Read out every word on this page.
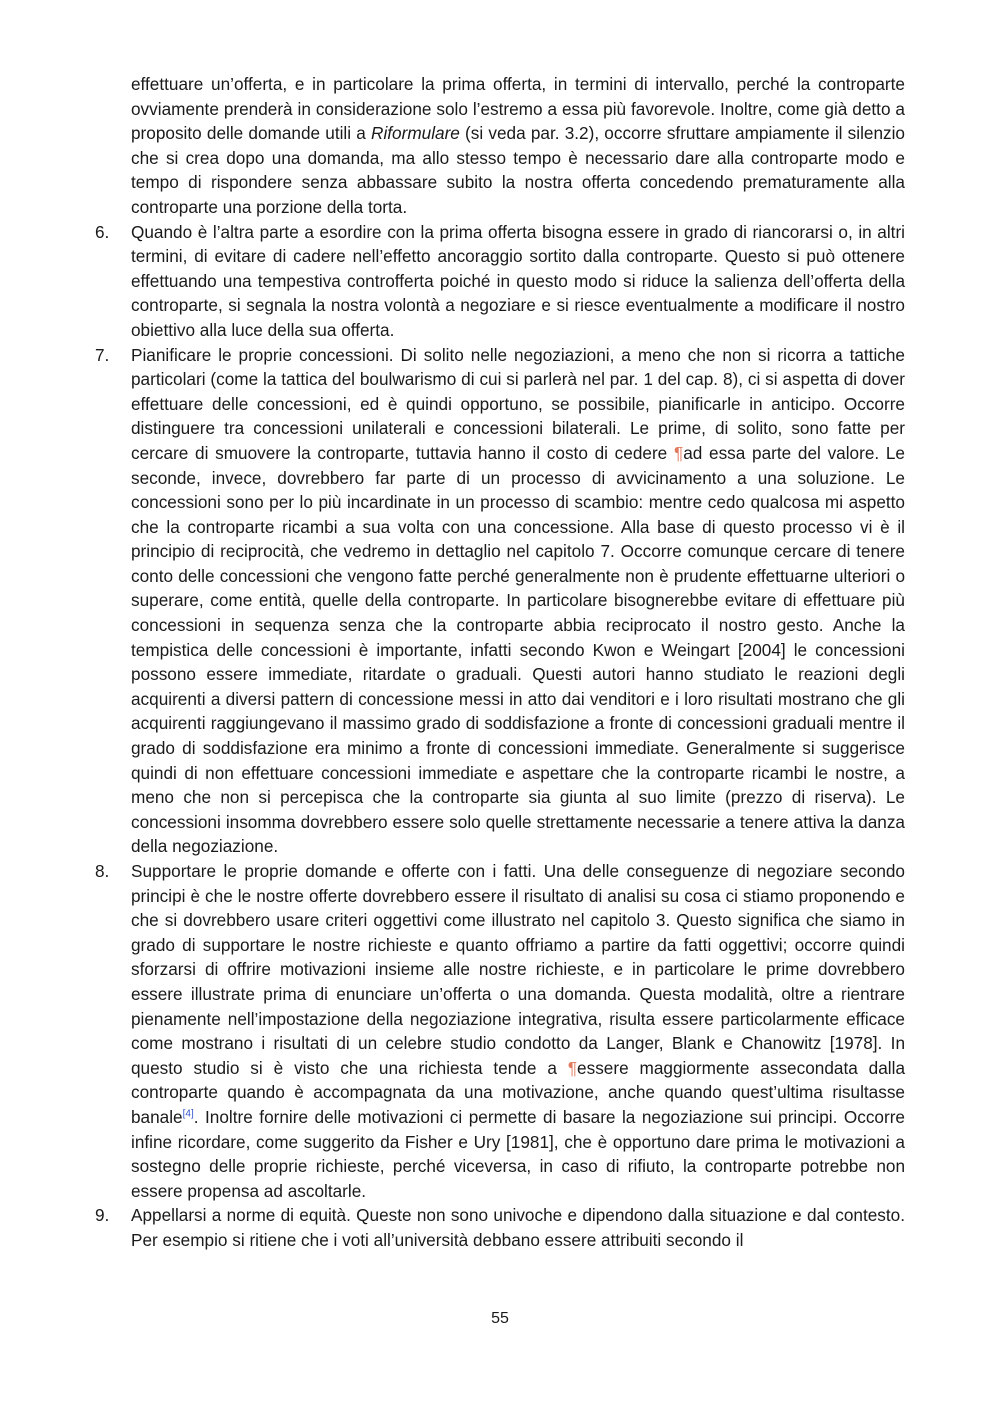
effettuare un’offerta, e in particolare la prima offerta, in termini di intervallo, perché la controparte ovviamente prenderà in considerazione solo l’estremo a essa più favorevole. Inoltre, come già detto a proposito delle domande utili a Riformulare (si veda par. 3.2), occorre sfruttare ampiamente il silenzio che si crea dopo una domanda, ma allo stesso tempo è necessario dare alla controparte modo e tempo di rispondere senza abbassare subito la nostra offerta concedendo prematuramente alla controparte una porzione della torta.
6.	Quando è l’altra parte a esordire con la prima offerta bisogna essere in grado di riancorarsi o, in altri termini, di evitare di cadere nell’effetto ancoraggio sortito dalla controparte. Questo si può ottenere effettuando una tempestiva controfferta poiché in questo modo si riduce la salienza dell’offerta della controparte, si segnala la nostra volontà a negoziare e si riesce eventualmente a modificare il nostro obiettivo alla luce della sua offerta.
7.	Pianificare le proprie concessioni. Di solito nelle negoziazioni, a meno che non si ricorra a tattiche particolari (come la tattica del boulwarismo di cui si parlerà nel par. 1 del cap. 8), ci si aspetta di dover effettuare delle concessioni, ed è quindi opportuno, se possibile, pianificarle in anticipo. Occorre distinguere tra concessioni unilaterali e concessioni bilaterali. Le prime, di solito, sono fatte per cercare di smuovere la controparte, tuttavia hanno il costo di cedere ¶ad essa parte del valore. Le seconde, invece, dovrebbero far parte di un processo di avvicinamento a una soluzione. Le concessioni sono per lo più incardinate in un processo di scambio: mentre cedo qualcosa mi aspetto che la controparte ricambi a sua volta con una concessione. Alla base di questo processo vi è il principio di reciprocità, che vedremo in dettaglio nel capitolo 7. Occorre comunque cercare di tenere conto delle concessioni che vengono fatte perché generalmente non è prudente effettuarne ulteriori o superare, come entità, quelle della controparte. In particolare bisognerebbe evitare di effettuare più concessioni in sequenza senza che la controparte abbia reciprocato il nostro gesto. Anche la tempistica delle concessioni è importante, infatti secondo Kwon e Weingart [2004] le concessioni possono essere immediate, ritardate o graduali. Questi autori hanno studiato le reazioni degli acquirenti a diversi pattern di concessione messi in atto dai venditori e i loro risultati mostrano che gli acquirenti raggiungevano il massimo grado di soddisfazione a fronte di concessioni graduali mentre il grado di soddisfazione era minimo a fronte di concessioni immediate. Generalmente si suggerisce quindi di non effettuare concessioni immediate e aspettare che la controparte ricambi le nostre, a meno che non si percepisca che la controparte sia giunta al suo limite (prezzo di riserva). Le concessioni insomma dovrebbero essere solo quelle strettamente necessarie a tenere attiva la danza della negoziazione.
8.	Supportare le proprie domande e offerte con i fatti. Una delle conseguenze di negoziare secondo principi è che le nostre offerte dovrebbero essere il risultato di analisi su cosa ci stiamo proponendo e che si dovrebbero usare criteri oggettivi come illustrato nel capitolo 3. Questo significa che siamo in grado di supportare le nostre richieste e quanto offriamo a partire da fatti oggettivi; occorre quindi sforzarsi di offrire motivazioni insieme alle nostre richieste, e in particolare le prime dovrebbero essere illustrate prima di enunciare un’offerta o una domanda. Questa modalità, oltre a rientrare pienamente nell’impostazione della negoziazione integrativa, risulta essere particolarmente efficace come mostrano i risultati di un celebre studio condotto da Langer, Blank e Chanowitz [1978]. In questo studio si è visto che una richiesta tende a ¶essere maggiormente assecondata dalla controparte quando è accompagnata da una motivazione, anche quando quest’ultima risultasse banale[4]. Inoltre fornire delle motivazioni ci permette di basare la negoziazione sui principi. Occorre infine ricordare, come suggerito da Fisher e Ury [1981], che è opportuno dare prima le motivazioni a sostegno delle proprie richieste, perché viceversa, in caso di rifiuto, la controparte potrebbe non essere propensa ad ascoltarle.
9.	Appellarsi a norme di equità. Queste non sono univoche e dipendono dalla situazione e dal contesto. Per esempio si ritiene che i voti all’università debbano essere attribuiti secondo il
55
